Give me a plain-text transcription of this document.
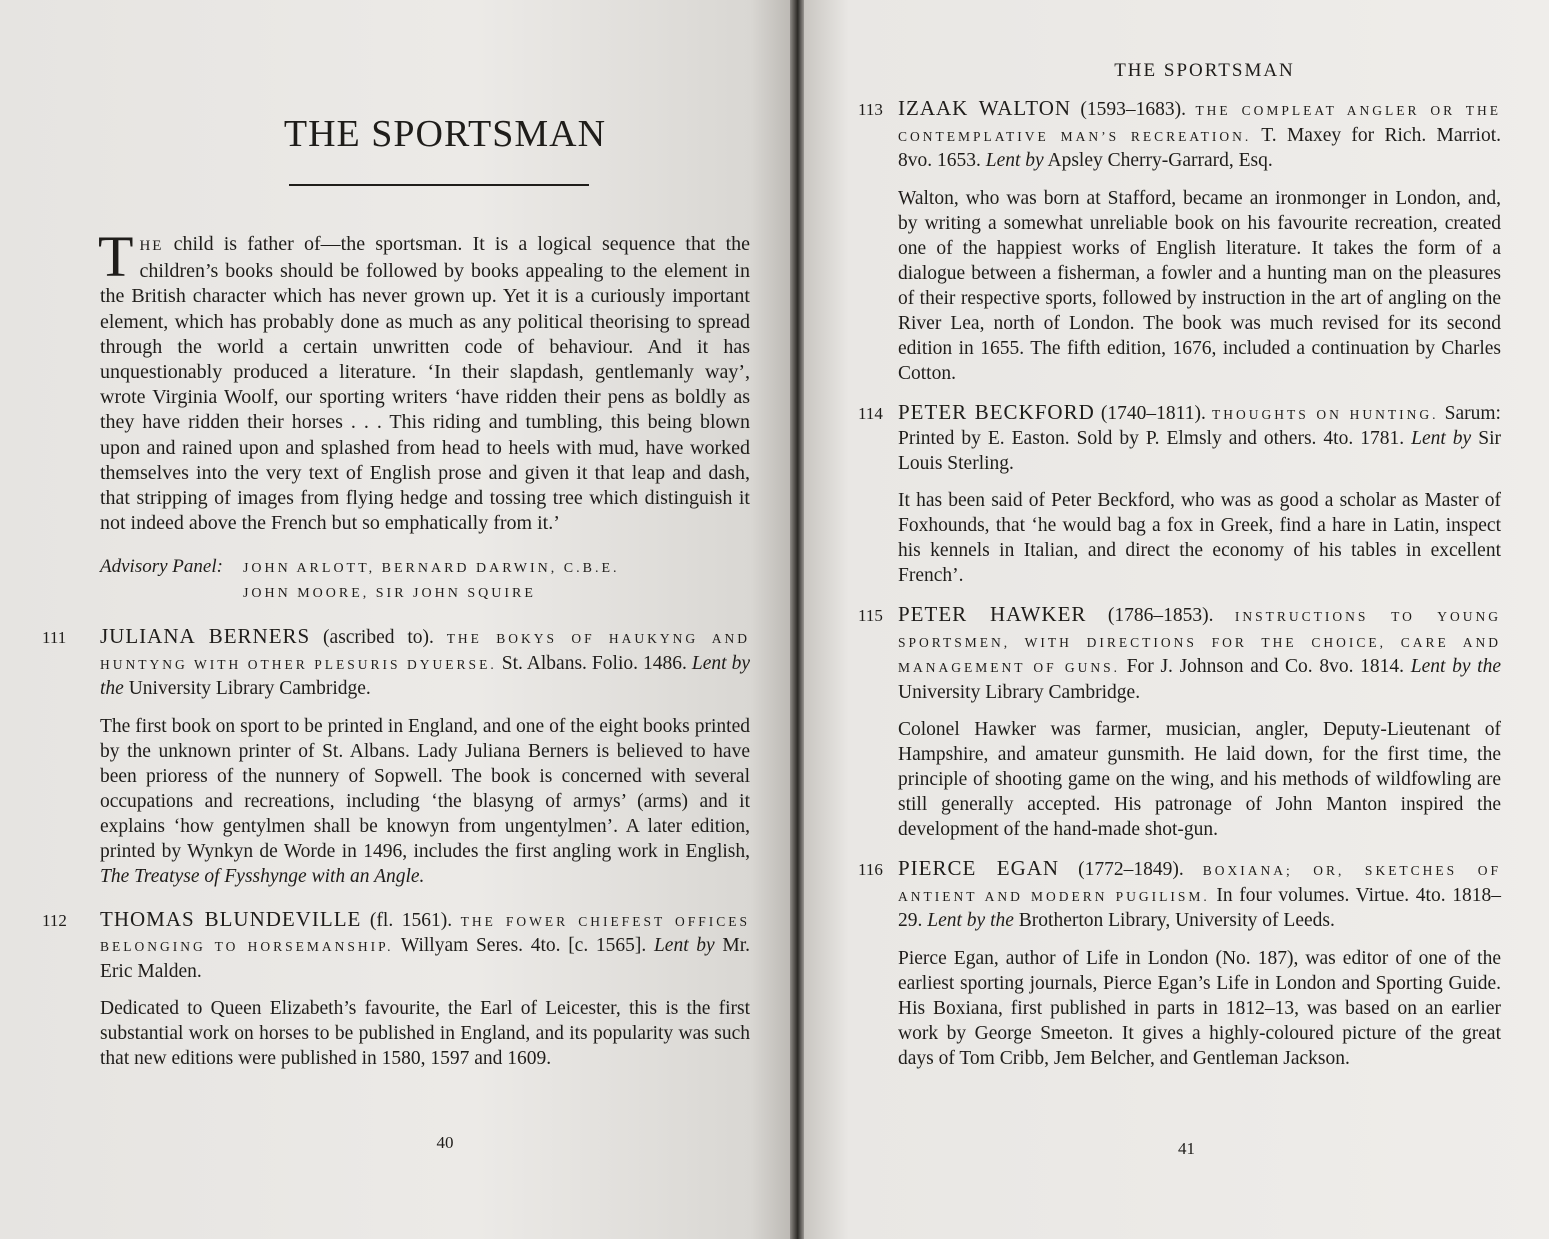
THE SPORTSMAN

THE child is father of—the sportsman. It is a logical sequence that the children’s books should be followed by books appealing to the element in the British character which has never grown up. Yet it is a curiously important element, which has probably done as much as any political theorising to spread through the world a certain unwritten code of behaviour. And it has unquestionably produced a literature. ‘In their slapdash, gentlemanly way’, wrote Virginia Woolf, our sporting writers ‘have ridden their pens as boldly as they have ridden their horses . . . This riding and tumbling, this being blown upon and rained upon and splashed from head to heels with mud, have worked themselves into the very text of English prose and given it that leap and dash, that stripping of images from flying hedge and tossing tree which distinguish it not indeed above the French but so emphatically from it.’

Advisory Panel: JOHN ARLOTT, BERNARD DARWIN, C.B.E.
JOHN MOORE, SIR JOHN SQUIRE
111 JULIANA BERNERS (ascribed to). THE BOKYS OF HAUKYNG AND HUNTYNG WITH OTHER PLESURIS DYUERSE. St. Albans. Folio. 1486. Lent by the University Library Cambridge.
The first book on sport to be printed in England, and one of the eight books printed by the unknown printer of St. Albans. Lady Juliana Berners is believed to have been prioress of the nunnery of Sopwell. The book is concerned with several occupations and recreations, including ‘the blasyng of armys’ (arms) and it explains ‘how gentylmen shall be knowyn from ungentylmen’. A later edition, printed by Wynkyn de Worde in 1496, includes the first angling work in English, The Treatyse of Fysshynge with an Angle.
112 THOMAS BLUNDEVILLE (fl. 1561). THE FOWER CHIEFEST OFFICES BELONGING TO HORSEMANSHIP. Willyam Seres. 4to. [c. 1565]. Lent by Mr. Eric Malden.
Dedicated to Queen Elizabeth’s favourite, the Earl of Leicester, this is the first substantial work on horses to be published in England, and its popularity was such that new editions were published in 1580, 1597 and 1609.
40
THE SPORTSMAN
113 IZAAK WALTON (1593–1683). THE COMPLEAT ANGLER OR THE CONTEMPLATIVE MAN’S RECREATION. T. Maxey for Rich. Marriot. 8vo. 1653. Lent by Apsley Cherry-Garrard, Esq.
Walton, who was born at Stafford, became an ironmonger in London, and, by writing a somewhat unreliable book on his favourite recreation, created one of the happiest works of English literature. It takes the form of a dialogue between a fisherman, a fowler and a hunting man on the pleasures of their respective sports, followed by instruction in the art of angling on the River Lea, north of London. The book was much revised for its second edition in 1655. The fifth edition, 1676, included a continuation by Charles Cotton.
114 PETER BECKFORD (1740–1811). THOUGHTS ON HUNTING. Sarum: Printed by E. Easton. Sold by P. Elmsly and others. 4to. 1781. Lent by Sir Louis Sterling.
It has been said of Peter Beckford, who was as good a scholar as Master of Foxhounds, that ‘he would bag a fox in Greek, find a hare in Latin, inspect his kennels in Italian, and direct the economy of his tables in excellent French’.
115 PETER HAWKER (1786–1853). INSTRUCTIONS TO YOUNG SPORTSMEN, WITH DIRECTIONS FOR THE CHOICE, CARE AND MANAGEMENT OF GUNS. For J. Johnson and Co. 8vo. 1814. Lent by the University Library Cambridge.
Colonel Hawker was farmer, musician, angler, Deputy-Lieutenant of Hampshire, and amateur gunsmith. He laid down, for the first time, the principle of shooting game on the wing, and his methods of wildfowling are still generally accepted. His patronage of John Manton inspired the development of the hand-made shot-gun.
116 PIERCE EGAN (1772–1849). BOXIANA; OR, SKETCHES OF ANTIENT AND MODERN PUGILISM. In four volumes. Virtue. 4to. 1818–29. Lent by the Brotherton Library, University of Leeds.
Pierce Egan, author of Life in London (No. 187), was editor of one of the earliest sporting journals, Pierce Egan’s Life in London and Sporting Guide. His Boxiana, first published in parts in 1812–13, was based on an earlier work by George Smeeton. It gives a highly-coloured picture of the great days of Tom Cribb, Jem Belcher, and Gentleman Jackson.
41
